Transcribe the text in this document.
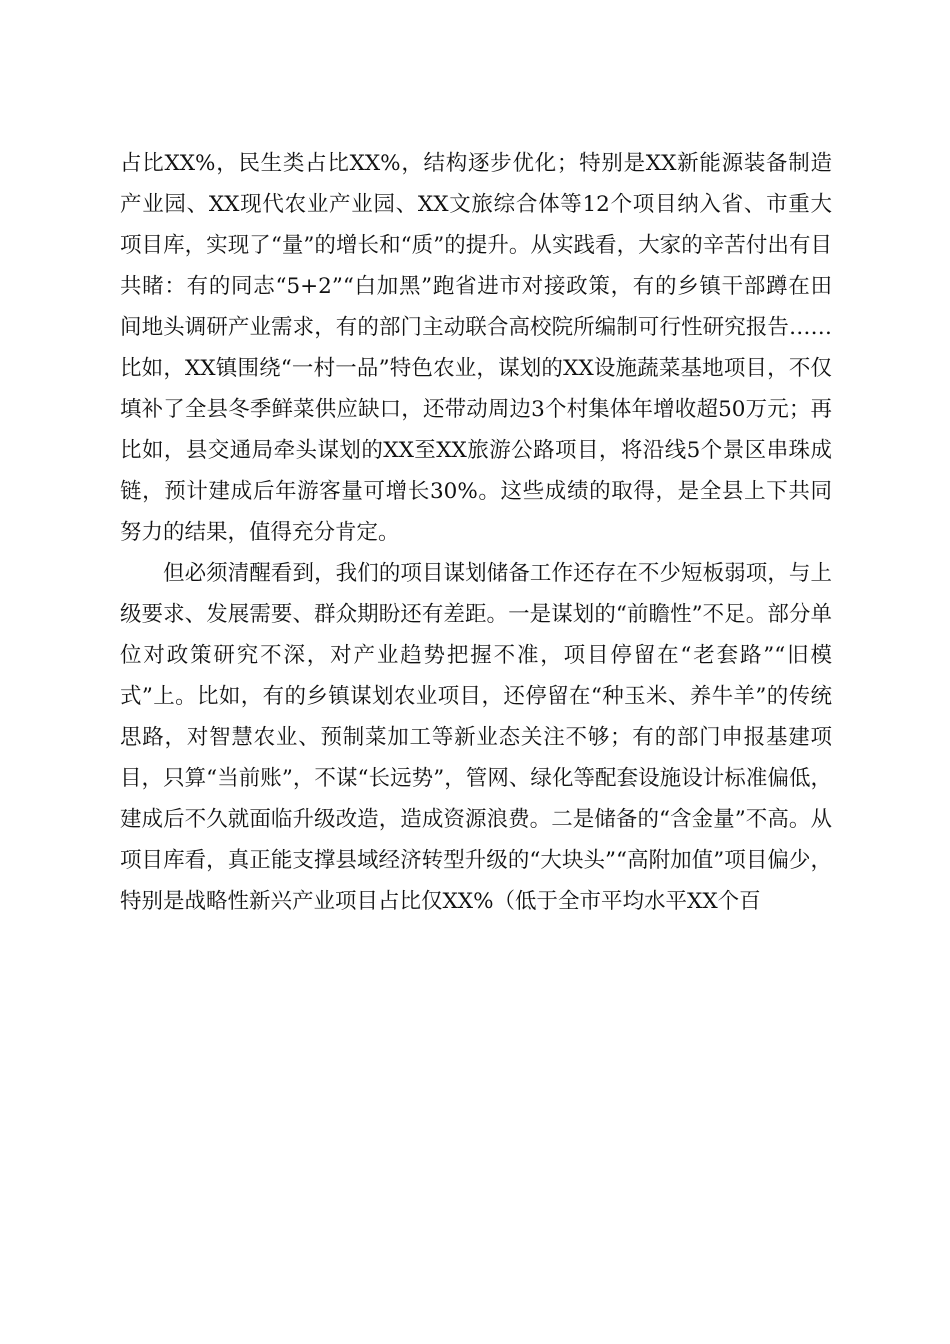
占比XX%，民生类占比XX%，结构逐步优化；特别是XX新能源装备制造产业园、XX现代农业产业园、XX文旅综合体等12个项目纳入省、市重大项目库，实现了“量”的增长和“质”的提升。从实践看，大家的辛苦付出有目共睹：有的同志“5+2”“白加黑”跑省进市对接政策，有的乡镇干部蹲在田间地头调研产业需求，有的部门主动联合高校院所编制可行性研究报告……比如，XX镇围绕“一村一品”特色农业，谋划的XX设施蔬菜基地项目，不仅填补了全县冬季鲜菜供应缺口，还带动周边3个村集体年增收超50万元；再比如，县交通局牵头谋划的XX至XX旅游公路项目，将沿线5个景区串珠成链，预计建成后年游客量可增长30%。这些成绩的取得，是全县上下共同努力的结果，值得充分肯定。

但必须清醒看到，我们的项目谋划储备工作还存在不少短板弱项，与上级要求、发展需要、群众期盼还有差距。一是谋划的“前瞻性”不足。部分单位对政策研究不深，对产业趋势把握不准，项目停留在“老套路”“旧模式”上。比如，有的乡镇谋划农业项目，还停留在“种玉米、养牛羊”的传统思路，对智慧农业、预制菜加工等新业态关注不够；有的部门申报基建项目，只算“当前账”，不谋“长远势”，管网、绿化等配套设施设计标准偏低，建成后不久就面临升级改造，造成资源浪费。二是储备的“含金量”不高。从项目库看，真正能支撑县域经济转型升级的“大块头”“高附加值”项目偏少，特别是战略性新兴产业项目占比仅XX%（低于全市平均水平XX个百
